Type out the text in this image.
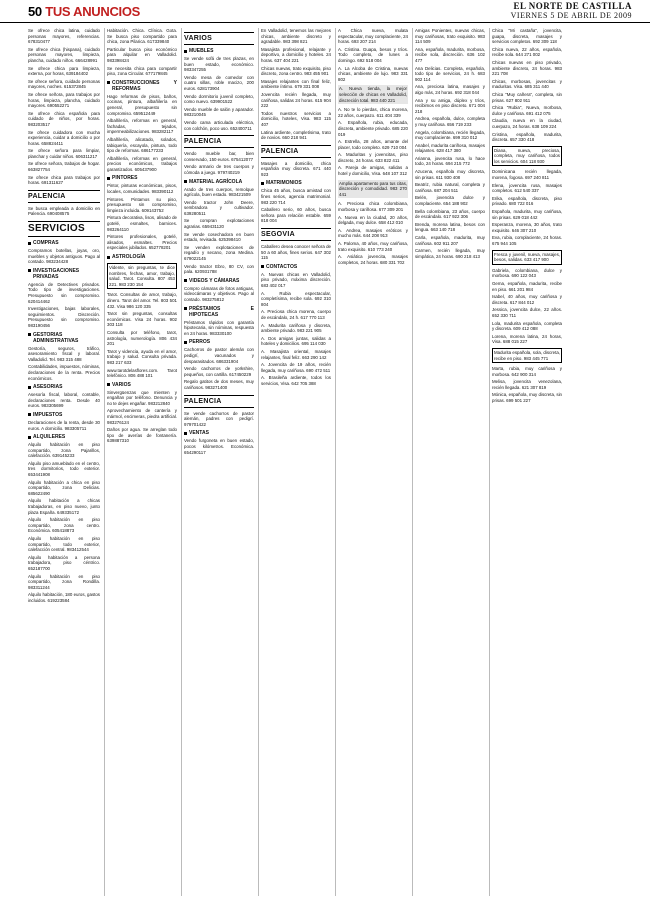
50 TUS ANUNCIOS	EL NORTE DE CASTILLA
VIERNES 5 DE ABRIL DE 2009
Se ofrece chica latina, cuidado personas mayores, referencias. 678310477
Se ofrece chica (hispana), cuidado personas mayores, limpieza, plancha, cuidado niños. 666428991
Se ofrece chica para limpieza, externa, por horas, 639184402
Se ofrece señora, cuidado personas mayores, noches. 615372845
Se ofrece señora, para trabajos por horas, limpieza, plancha, cuidado mayores. 690552271
Se ofrece chica española para cuidado de niños, por horas. 983203517
Se ofrece cuidadora con mucha experiencia, cuidar a domicilio o por horas. 658824411
Se ofrece señora para limpiar, planchar y cuidar niños. 606311217
Se ofrece señora, trabajos de hogar. 663827754
Se ofrece chica para trabajos por horas. 691311627
PALENCIA
Se busca empleada a domicilio en Palencia. 690408575
SERVICIOS
COMPRAS
Compramos botellas, joyas, oro, muebles y objetos antiguos. Pago al contado. 983234428
INVESTIGACIONES PRIVADAS
Agencia de Detectives privados. Todo tipo de investigaciones. Presupuesto sin compromiso. 620414462
Investigaciones, bajas laborales, seguimientos. Discreción. Presupuesto sin compromiso. 983190456
GESTORIAS ADMINISTRATIVAS
Gestoría, seguros, tráfico, asesoramiento fiscal y laboral. Valladolid. Tel. 983 315 488
Contabilidades, impuestos, nóminas, declaraciones de la renta. Precios económicos.
ASESORIAS
Asesoría fiscal, laboral, contable, declaraciones renta. Desde 40 euros. 983305699
IMPUESTOS
Declaraciones de la renta, desde 30 euros. A domicilio. 983305711
ALQUILERES
Alquilo habitación en piso compartido, zona Pajarillos, calefacción. 639145233
Alquilo piso amueblado en el centro, tres dormitorios, todo exterior. 653441908
Alquilo habitación a chica en piso compartido, zona Delicias. 685622490
Alquilo habitación a chicas trabajadoras, en piso nuevo, junto plaza España. 649335172
Alquilo habitación en piso compartido, zona centro. Económica. 605418873
Alquilo habitación en piso compartido, todo exterior, calefacción central. 983412544
Alquilo habitación a persona trabajadora, piso céntrico. 652187700
Alquilo habitación en piso compartido, zona Rondilla. 983311244
Alquilo habitación, 180 euros, gastos incluidos. 619223584
Habitación. Chica. Clínica. Gota. Se busca piso compartido para chica, zona Pilarica. 617339840
Particular busca piso económico para alquilar en Valladolid. 983398424
Se necesita chica para compartir piso, zona Circular. 677179845
CONSTRUCCIONES Y REFORMAS
Hago reformas de pisos, baños, cocinas, pintura, albañilería en general, presupuesto sin compromiso. 659512449
Albañilería, reformas en general, fachadas, tejados, impermeabilizaciones. 983282117
Albañilería, alicatado, solados, tabiquería, escayola, pintura, todo tipo de reformas. 686177233
Albañilería, reformas en general, precios económicos, trabajos garantizados. 605437900
PINTORES
Pintor, pinturas económicas, pisos, locales, comunidades. 983390112
Pintores. Pintamos su piso, presupuesto sin compromiso, limpieza incluida. 609143752
Pintura decorativa, lisos, alisado de gotelé, esmaltes, barnices. 983264110
Pintores profesionales, gotelé, alisados, esmaltes. Precios especiales jubilados. 652778201
ASTROLOGÍA
Vidente, sin preguntas, te dice nombres, fechas, amor, trabajo, salud. Tarot. Consulta. 807 453 221. 983 230 154
Tarot. Consultas de amor, trabajo, dinero. Tarot del amor. Tel. 803 501 432. Visa 986 120 335
Tarot sin preguntas, consultas económicas. Visa 24 horas. 902 303 118
Consulta por teléfono, tarot, astrología, numerología. 806 434 201
Tarot y videncia, ayuda en el amor, trabajo y salud. Consulta privada. 983 217 633
www.tarotdelasflores.com. Tarot telefónico. 806 488 101
VARIOS
Sinvergüenzas que mienten y engañan por teléfono. Denuncia y no te dejes engañar. 983212840
Aprovechamiento de cantería y mármol, encimeras, piedra artificial. 983276124
Daños por agua. Se arreglan todo tipo de averías de fontanería. 639887310
VARIOS
MUEBLES
Se vende sofá de tres plazas, en buen estado, económico. 983347255
Vendo mesa de comedor con cuatro sillas, roble macizo, 200 euros. 628173904
Vendo dormitorio juvenil completo, como nuevo. 639901522
Vendo mueble de salón y aparador. 983210045
Vendo cama articulada eléctrica, con colchón, poco uso. 652400711
PALENCIA
Vendo mueble bar, bien conservado, 150 euros. 675412077
Vendo armario de tres cuerpos y cómoda a juego. 979740219
MATERIAL AGRÍCOLA
Arado de tres cuerpos, remolque agrícola, buen estado. 983421509
Vendo tractor John Deere, sembradora y cultivador. 639280511
Se compran explotaciones agrarias. 659431120
Se vende cosechadora en buen estado, revisada. 625398410
Se venden explotaciones de regadío y secano, zona Medina. 679022145
Vendo tractor Ebro, 80 CV, con pala. 620931788
VIDEOS Y CÁMARAS
Compro cámaras de fotos antiguas, videocámaras y objetivos. Pago al contado. 983275812
PRÉSTAMOS E HIPOTECAS
Préstamos rápidos con garantía hipotecaria, sin nóminas, respuesta en 24 horas. 983330100
PERROS
Cachorros de pastor alemán con pedigrí, vacunados y desparasitados. 686331904
Vendo cachorros de yorkshire, pequeños, con cartilla. 617450229
Regalo gatitos de dos meses, muy cariñosos. 983271400
PALENCIA
Se vende cachorros de pastor alemán, padres con pedigrí. 979701422
VENTAS
Vendo furgoneta en buen estado, pocos kilómetros. Económica. 654290117
En Valladolid, tenemos las mejores chicas, ambiente discreto y agradable. 983 398 821
Masajista profesional, relajante y deportivo, a domicilio y hoteles. 24 horas. 637 404 221
Chicas nuevas, trato exquisito, piso discreto, zona centro. 983 455 901
Masajes relajantes con final feliz, ambiente íntimo. 679 331 008
Jovencita recién llegada, muy cariñosa, salidas 24 horas. 615 904 222
Todos nuestros servicios a domicilio, hoteles, Visa. 983 115 407
Latina ardiente, completísima, trato de novios. 660 218 941
PALENCIA
Masajes a domicilio, chica española muy discreta. 671 440 923
MATRIMONIOS
Chica 45 años, busca amistad con fines serios, agencia matrimonial. 983 220 714
Caballero serio, 60 años, busca señora para relación estable. 659 818 004
SEGOVIA
Caballero desea conocer señora de 50 a 60 años, fines serios. 647 302 115
CONTACTOS
A. Nuevas chicas en Valladolid, piso privado, máxima discreción. 683 402 017
A. Rubia espectacular, completísima, recibe sola. 692 310 804
A. Preciosa chica morena, cuerpo de escándalo, 24 h. 617 770 113
A. Madurita cariñosa y discreta, ambiente privado. 983 221 905
A. Dos amigas juntas, salidas a hoteles y domicilios. 695 114 030
A. Masajista oriental, masajes relajantes, final feliz. 663 290 142
A. Jovencita de 19 años, recién llegada, muy cariñosa. 690 472 511
A. Brasileña ardiente, todos los servicios, Visa. 642 705 388
A Chica nueva, mulata espectacular, muy complaciente, 24 horas. 693 207 214
A. Cristina. Guapa, besos y tríos. Todo completo, de lunes a domingo. 692 518 004
A. La Alcoba de Cristina, nuevas chicas, ambiente de lujo. 983 331 802
A. Nueva tienda, la mejor selección de chicas en Valladolid, discreción total. 983 440 221
A. No te lo pierdas, chica morena, 22 años, cuerpazo. 611 404 339
A. Española, rubia, educada, discreta, ambiente privado. 685 220 019
A. Estrella, 28 años, amante del placer, todo completo. 629 710 004
A. Maduritas y jovencitas, piso discreto, 24 horas. 633 822 411
A. Pareja de amigas, salidas a hotel y domicilio, Visa. 648 107 312
Amplia apartamento para tus citas, discreción y comodidad. 983 270 441
A. Preciosa chica colombiana, morbosa y cariñosa. 677 309 201
A. Nueva en la ciudad, 20 años, delgada, muy dulce. 658 412 010
A. Andrea, masajes eróticos y mucho más. 644 208 913
A. Paloma, 40 años, muy cariñosa, trato exquisito. 610 773 240
A. Asiática jovencita, masajes completos, 24 horas. 680 331 702
Amigas Ponientes, nuevas chicas, muy cariñosas, trato exquisito. 983 114 509
Ana, española, madurita, morbosa, recibe sola, discreción. 636 102 477
Ana Delicias. Completa, española, todo tipo de servicios, 24 h. 683 902 114
Ana, preciosa latina, masajes y algo más, 24 horas. 692 318 044
Ana y su amiga, dúplex y tríos, recibimos en piso discreto. 671 004 218
Andrea, española, dulce, completa y muy cariñosa. 656 719 233
Angela, colombiana, recién llegada, muy complaciente. 699 310 012
Anabel, madurita cariñosa, masajes relajantes. 628 417 380
Arianna, jovencita rusa, lo hace todo, 24 horas. 694 215 772
Azucena, española muy discreta, sin prisas. 611 930 408
Beatriz, rubia natural, completa y cariñosa. 687 204 511
Belén, jovencita dulce y complaciente. 654 188 902
Bella colombiana, 23 años, cuerpo de escándalo. 617 922 306
Brenda, morena latina, besos con lengua. 663 140 718
Carla, española, madurita, muy cariñosa. 602 911 207
Carmen, recién llegada, muy simpática, 24 horas. 690 218 413
Chica "Mi castaña", jovencita, guapa, discreta, masajes y servicios completos. 692 309 118
Chica nueva, 22 años, española, recibe sola. 644 271 002
Chicas nuevas en piso privado, ambiente discreto, 24 horas. 983 221 708
Chicas, morbosas, jovencitas y maduritas. Visa. 685 311 440
Chica "Muy cañera", completa, sin prisas. 627 802 911
Chica "Rubia", Nueva, morbosa, dulce y cariñosa. 691 412 075
Claudia, nueva en la ciudad, cuerpazo, 24 horas. 638 109 224
Cristina, española, madurita, discreta. 657 330 418
Diana, nueva, preciosa, completa, muy cariñosa, todos los servicios. 604 118 930
Dominicana recién llegada, morena, fogosa. 697 240 811
Elena, jovencita rusa, masajes completos. 612 540 337
Erika, española, discreta, piso privado. 680 722 016
Española, madurita, muy cariñosa, sin prisas. 629 018 442
Esperanza, morena, 30 años, trato exquisito. 646 307 210
Eva, rubia, complaciente, 24 horas. 675 944 105
Fresca y juvenil, nueva, masajes, besos, salidas. 633 417 900
Gabriela, colombiana, dulce y morbosa. 690 122 043
Gema, española, madurita, recibe en piso. 661 201 984
Isabel, 40 años, muy cariñosa y discreta. 617 844 012
Jessica, jovencita dulce, 22 años. 652 330 711
Lola, madurita española, completa y discreta. 609 412 088
Lorena, morena latina, 24 horas, Visa. 688 015 227
Madurita española, sola, discreta, recibe en piso. 983 445 771
Marta, rubia, muy cariñosa y morbosa. 642 900 314
Melisa, jovencita venezolana, recién llegada. 621 307 819
Mónica, española, muy discreta, sin prisas. 699 501 227
